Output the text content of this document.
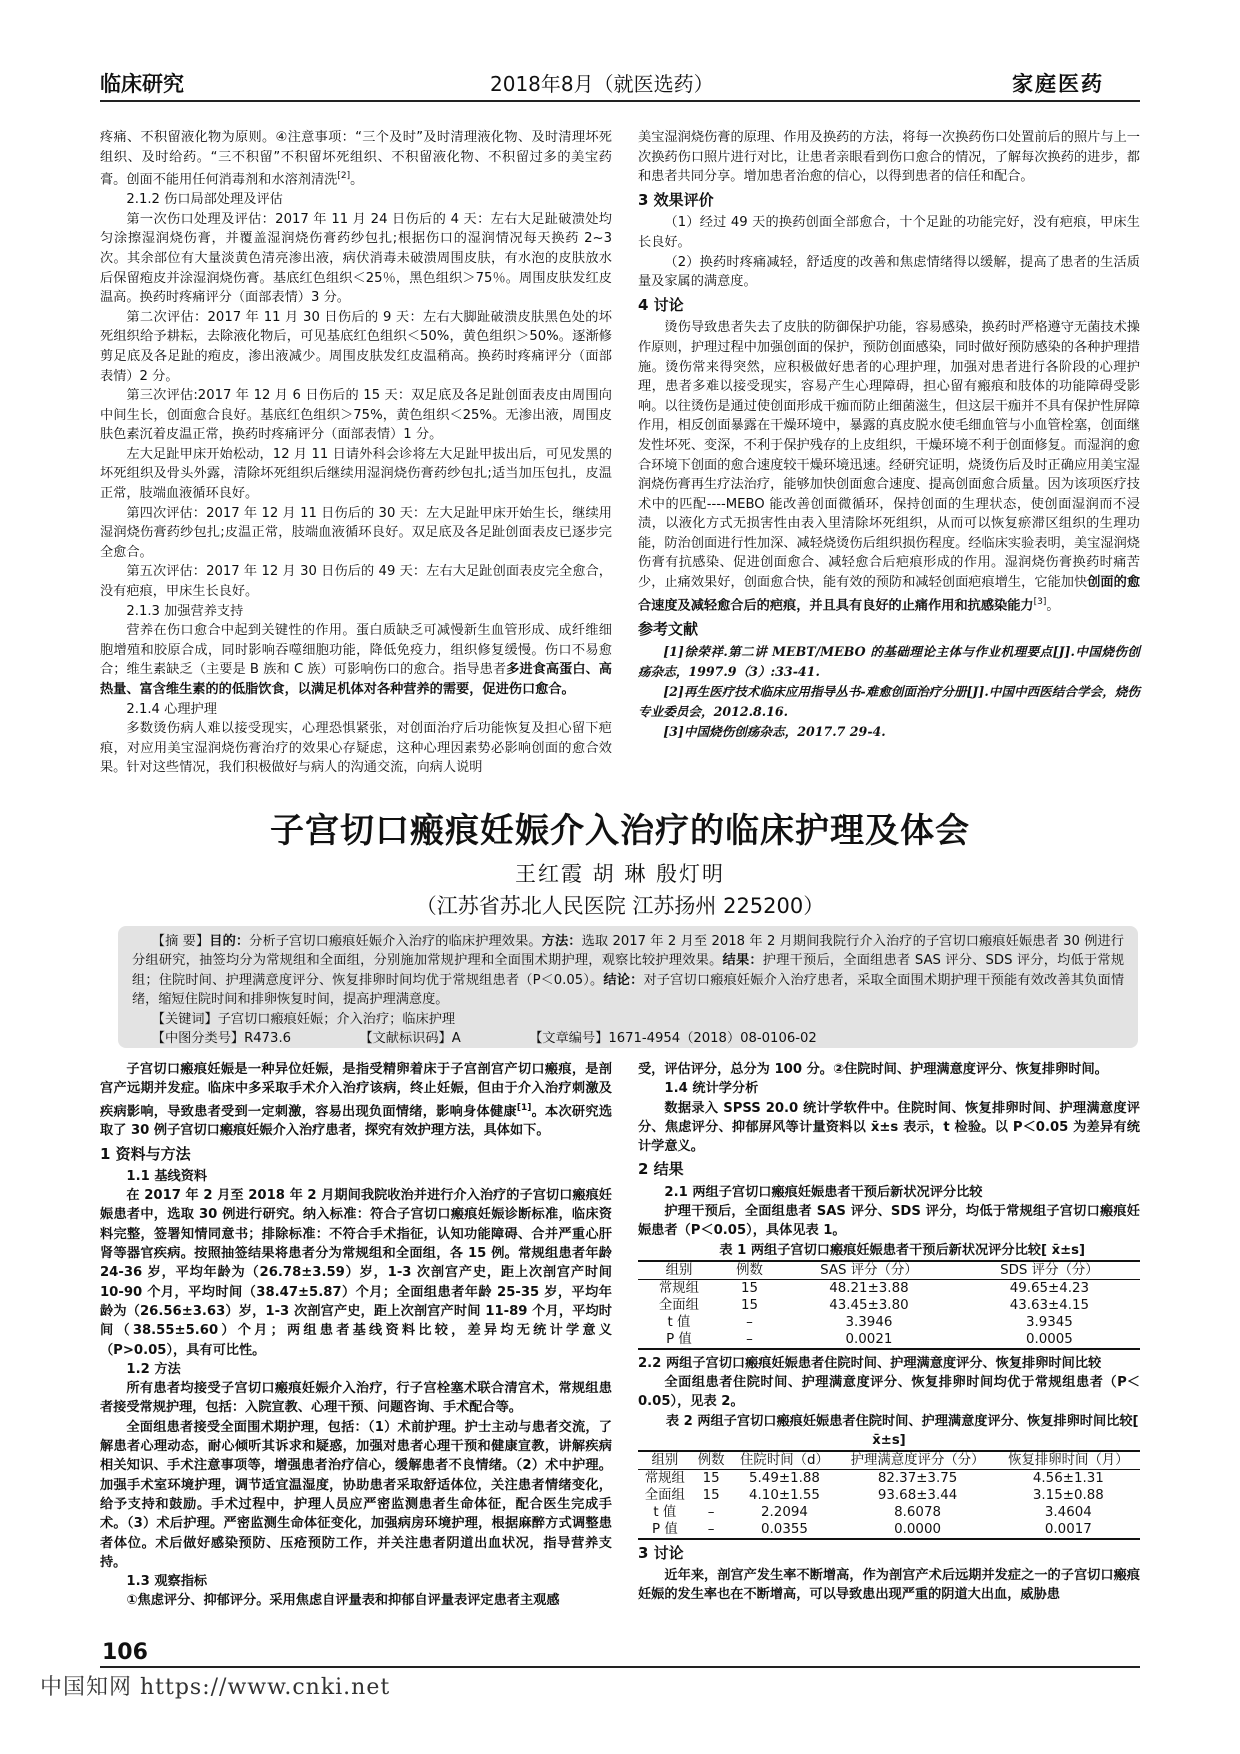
临床研究	2018年8月（就医选药）	家庭医药

疼痛、不积留液化物为原则。④注意事项：“三个及时”及时清理液化物、及时清理坏死组织、及时给药。“三不积留”不积留坏死组织、不积留液化物、不积留过多的美宝药膏。创面不能用任何消毒剂和水溶剂清洗[2]。

2.1.2 伤口局部处理及评估

第一次伤口处理及评估：2017 年 11 月 24 日伤后的 4 天：左右大足趾破溃处均匀涂擦湿润烧伤膏，并覆盖湿润烧伤膏药纱包扎;根据伤口的湿润情况每天换药 2~3 次。其余部位有大量淡黄色清亮渗出液，病伏消毒未破溃周围皮肤，有水泡的皮肤放水后保留疱皮并涂湿润烧伤膏。基底红色组织＜25％，黑色组织＞75％。周围皮肤发红皮温高。换药时疼痛评分（面部表情）3 分。

第二次评估：2017 年 11 月 30 日伤后的 9 天：左右大脚趾破溃皮肤黑色处的坏死组织给予耕耘，去除液化物后，可见基底红色组织＜50%，黄色组织＞50%。逐渐修剪足底及各足趾的疱皮，渗出液减少。周围皮肤发红皮温稍高。换药时疼痛评分（面部表情）2 分。

第三次评估:2017 年 12 月 6 日伤后的 15 天：双足底及各足趾创面表皮由周围向中间生长，创面愈合良好。基底红色组织＞75%，黄色组织＜25%。无渗出液，周围皮肤色素沉着皮温正常，换药时疼痛评分（面部表情）1 分。

左大足趾甲床开始松动，12 月 11 日请外科会诊将左大足趾甲拔出后，可见发黑的坏死组织及骨头外露，清除坏死组织后继续用湿润烧伤膏药纱包扎;适当加压包扎，皮温正常，肢端血液循环良好。

第四次评估：2017 年 12 月 11 日伤后的 30 天：左大足趾甲床开始生长，继续用湿润烧伤膏药纱包扎;皮温正常，肢端血液循环良好。双足底及各足趾创面表皮已逐步完全愈合。

第五次评估：2017 年 12 月 30 日伤后的 49 天：左右大足趾创面表皮完全愈合，没有疤痕，甲床生长良好。

2.1.3 加强营养支持

营养在伤口愈合中起到关键性的作用。蛋白质缺乏可减慢新生血管形成、成纤维细胞增殖和胶原合成，同时影响吞噬细胞功能，降低免疫力，组织修复缓慢。伤口不易愈合；维生素缺乏（主要是 B 族和 C 族）可影响伤口的愈合。指导患者多进食高蛋白、高热量、富含维生素的的低脂饮食，以满足机体对各种营养的需要，促进伤口愈合。

2.1.4 心理护理

多数烫伤病人难以接受现实，心理恐惧紧张，对创面治疗后功能恢复及担心留下疤痕，对应用美宝湿润烧伤膏治疗的效果心存疑虑，这种心理因素势必影响创面的愈合效果。针对这些情况，我们积极做好与病人的沟通交流，向病人说明

美宝湿润烧伤膏的原理、作用及换药的方法，将每一次换药伤口处置前后的照片与上一次换药伤口照片进行对比，让患者亲眼看到伤口愈合的情况，了解每次换药的进步，都和患者共同分享。增加患者治愈的信心，以得到患者的信任和配合。

3 效果评价

（1）经过 49 天的换药创面全部愈合，十个足趾的功能完好，没有疤痕，甲床生长良好。

（2）换药时疼痛减轻，舒适度的改善和焦虑情绪得以缓解，提高了患者的生活质量及家属的满意度。

4 讨论

烫伤导致患者失去了皮肤的防御保护功能，容易感染，换药时严格遵守无菌技术操作原则，护理过程中加强创面的保护，预防创面感染，同时做好预防感染的各种护理措施。烫伤常来得突然，应积极做好患者的心理护理，加强对患者进行各阶段的心理护理，患者多难以接受现实，容易产生心理障碍，担心留有瘢痕和肢体的功能障碍受影响。以往烫伤是通过使创面形成干痂而防止细菌滋生，但这层干痂并不具有保护性屏障作用，相反创面暴露在干燥环境中，暴露的真皮脱水使毛细血管与小血管栓塞，创面继发性坏死、变深，不利于保护残存的上皮组织，干燥环境不利于创面修复。而湿润的愈合环境下创面的愈合速度较干燥环境迅速。经研究证明，烧烫伤后及时正确应用美宝湿润烧伤膏再生疗法治疗，能够加快创面愈合速度、提高创面愈合质量。因为该项医疗技术中的匹配----MEBO 能改善创面微循环，保持创面的生理状态，使创面湿润而不浸渍，以液化方式无损害性由表入里清除坏死组织，从而可以恢复瘀滞区组织的生理功能，防治创面进行性加深、减轻烧烫伤后组织损伤程度。经临床实验表明，美宝湿润烧伤膏有抗感染、促进创面愈合、减轻愈合后疤痕形成的作用。湿润烧伤膏换药时痛苦少，止痛效果好，创面愈合快，能有效的预防和减轻创面疤痕增生，它能加快创面的愈合速度及减轻愈合后的疤痕，并且具有良好的止痛作用和抗感染能力[3]。

参考文献

[1]徐荣祥.第二讲 MEBT/MEBO 的基础理论主体与作业机理要点[J].中国烧伤创疡杂志，1997.9（3）:33-41.

[2]再生医疗技术临床应用指导丛书-难愈创面治疗分册[J].中国中西医结合学会，烧伤专业委员会，2012.8.16.

[3]中国烧伤创疡杂志，2017.7 29-4.

子宫切口瘢痕妊娠介入治疗的临床护理及体会
王红霞 胡 琳 殷灯明
（江苏省苏北人民医院 江苏扬州 225200）

【摘 要】目的：分析子宫切口瘢痕妊娠介入治疗的临床护理效果。方法：选取 2017 年 2 月至 2018 年 2 月期间我院行介入治疗的子宫切口瘢痕妊娠患者 30 例进行分组研究，抽签均分为常规组和全面组，分别施加常规护理和全面围术期护理，观察比较护理效果。结果：护理干预后，全面组患者 SAS 评分、SDS 评分，均低于常规组；住院时间、护理满意度评分、恢复排卵时间均优于常规组患者（P＜0.05）。结论：对子宫切口瘢痕妊娠介入治疗患者，采取全面围术期护理干预能有效改善其负面情绪，缩短住院时间和排卵恢复时间，提高护理满意度。

【关键词】子宫切口瘢痕妊娠；介入治疗；临床护理

【中图分类号】R473.6	【文献标识码】A	【文章编号】1671-4954（2018）08-0106-02

子宫切口瘢痕妊娠是一种异位妊娠，是指受精卵着床于子宫剖宫产切口瘢痕，是剖宫产远期并发症。临床中多采取手术介入治疗该病，终止妊娠，但由于介入治疗刺激及疾病影响，导致患者受到一定刺激，容易出现负面情绪，影响身体健康[1]。本次研究选取了 30 例子宫切口瘢痕妊娠介入治疗患者，探究有效护理方法，具体如下。

1 资料与方法

1.1 基线资料

在 2017 年 2 月至 2018 年 2 月期间我院收治并进行介入治疗的子宫切口瘢痕妊娠患者中，选取 30 例进行研究。纳入标准：符合子宫切口瘢痕妊娠诊断标准，临床资料完整，签署知情同意书；排除标准：不符合手术指征，认知功能障碍、合并严重心肝肾等器官疾病。按照抽签结果将患者分为常规组和全面组，各 15 例。常规组患者年龄 24-36 岁，平均年龄为（26.78±3.59）岁，1-3 次剖宫产史，距上次剖宫产时间 10-90 个月，平均时间（38.47±5.87）个月；全面组患者年龄 25-35 岁，平均年龄为（26.56±3.63）岁，1-3 次剖宫产史，距上次剖宫产时间 11-89 个月，平均时间（38.55±5.60）个月；两组患者基线资料比较，差异均无统计学意义（P>0.05），具有可比性。

1.2 方法

所有患者均接受子宫切口瘢痕妊娠介入治疗，行子宫栓塞术联合清宫术，常规组患者接受常规护理，包括：入院宣教、心理干预、问题咨询、手术配合等。

全面组患者接受全面围术期护理，包括：（1）术前护理。护士主动与患者交流，了解患者心理动态，耐心倾听其诉求和疑惑，加强对患者心理干预和健康宣教，讲解疾病相关知识、手术注意事项等，增强患者治疗信心，缓解患者不良情绪。（2）术中护理。加强手术室环境护理，调节适宜温湿度，协助患者采取舒适体位，关注患者情绪变化，给予支持和鼓励。手术过程中，护理人员应严密监测患者生命体征，配合医生完成手术。（3）术后护理。严密监测生命体征变化，加强病房环境护理，根据麻醉方式调整患者体位。术后做好感染预防、压疮预防工作，并关注患者阴道出血状况，指导营养支持。

1.3 观察指标

①焦虑评分、抑郁评分。采用焦虑自评量表和抑郁自评量表评定患者主观感

受，评估评分，总分为 100 分。②住院时间、护理满意度评分、恢复排卵时间。

1.4 统计学分析

数据录入 SPSS 20.0 统计学软件中。住院时间、恢复排卵时间、护理满意度评分、焦虑评分、抑郁屏风等计量资料以 x̄±s 表示，t 检验。以 P＜0.05 为差异有统计学意义。

2 结果

2.1 两组子宫切口瘢痕妊娠患者干预后新状况评分比较

护理干预后，全面组患者 SAS 评分、SDS 评分，均低于常规组子宫切口瘢痕妊娠患者（P＜0.05），具体见表 1。

表 1 两组子宫切口瘢痕妊娠患者干预后新状况评分比较[ x̄±s]

组别	例数	SAS 评分（分）	SDS 评分（分）
常规组	15	48.21±3.88	49.65±4.23
全面组	15	43.45±3.80	43.63±4.15
t 值	–	3.3946	3.9345
P 值	–	0.0021	0.0005

2.2 两组子宫切口瘢痕妊娠患者住院时间、护理满意度评分、恢复排卵时间比较

全面组患者住院时间、护理满意度评分、恢复排卵时间均优于常规组患者（P＜0.05），见表 2。

表 2 两组子宫切口瘢痕妊娠患者住院时间、护理满意度评分、恢复排卵时间比较[ x̄±s]

组别	例数	住院时间（d）	护理满意度评分（分）	恢复排卵时间（月）
常规组	15	5.49±1.88	82.37±3.75	4.56±1.31
全面组	15	4.10±1.55	93.68±3.44	3.15±0.88
t 值	–	2.2094	8.6078	3.4604
P 值	–	0.0355	0.0000	0.0017
3 讨论

近年来，剖宫产发生率不断增高，作为剖宫产术后远期并发症之一的子宫切口瘢痕妊娠的发生率也在不断增高，可以导致患出现严重的阴道大出血，威胁患

106
中国知网 https://www.cnki.net
